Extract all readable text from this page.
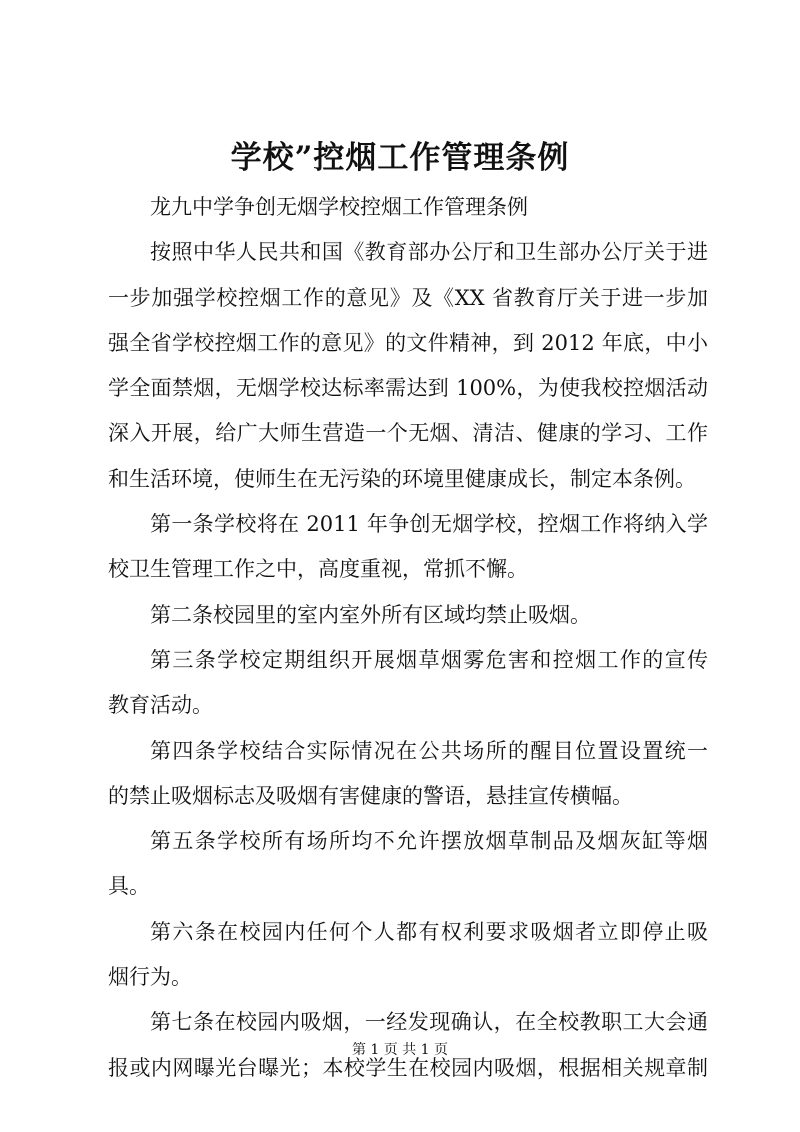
学校”控烟工作管理条例
龙九中学争创无烟学校控烟工作管理条例
按照中华人民共和国《教育部办公厅和卫生部办公厅关于进
一步加强学校控烟工作的意见》及《XX 省教育厅关于进一步加
强全省学校控烟工作的意见》的文件精神，到 2012 年底，中小
学全面禁烟，无烟学校达标率需达到 100%，为使我校控烟活动
深入开展，给广大师生营造一个无烟、清洁、健康的学习、工作
和生活环境，使师生在无污染的环境里健康成长，制定本条例。
第一条学校将在 2011 年争创无烟学校，控烟工作将纳入学
校卫生管理工作之中，高度重视，常抓不懈。
第二条校园里的室内室外所有区域均禁止吸烟。
第三条学校定期组织开展烟草烟雾危害和控烟工作的宣传
教育活动。
第四条学校结合实际情况在公共场所的醒目位置设置统一
的禁止吸烟标志及吸烟有害健康的警语，悬挂宣传横幅。
第五条学校所有场所均不允许摆放烟草制品及烟灰缸等烟
具。
第六条在校园内任何个人都有权利要求吸烟者立即停止吸
烟行为。
第七条在校园内吸烟，一经发现确认，在全校教职工大会通
报或内网曝光台曝光；本校学生在校园内吸烟，根据相关规章制
第 1 页 共 1 页
